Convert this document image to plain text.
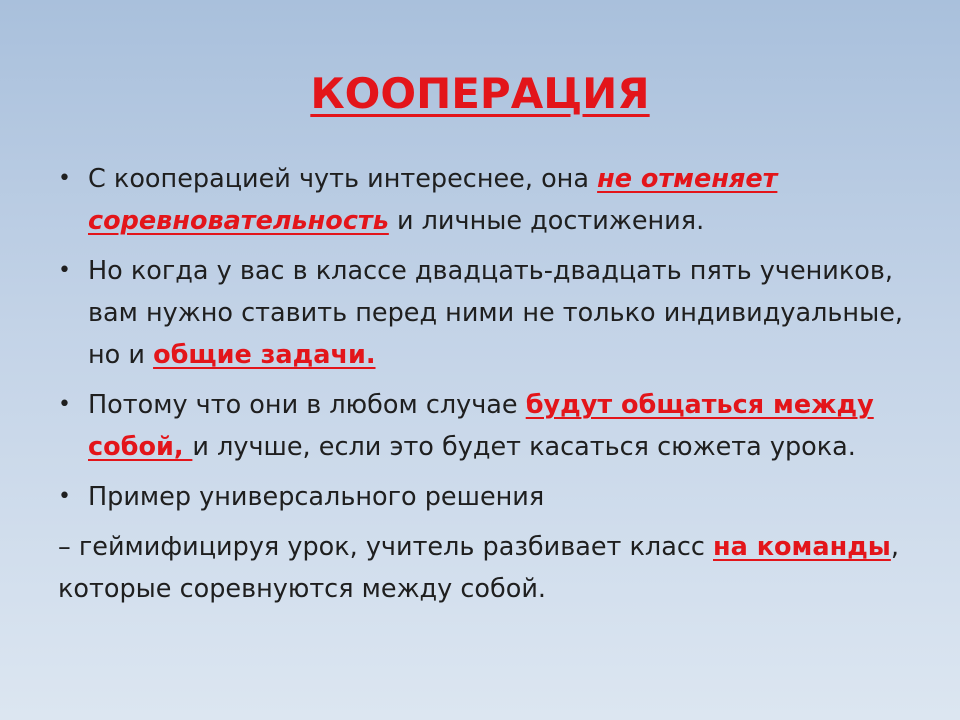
КООПЕРАЦИЯ

• С кооперацией чуть интереснее, она не отменяет соревновательность и личные достижения.

• Но когда у вас в классе двадцать-двадцать пять учеников, вам нужно ставить перед ними не только индивидуальные, но и общие задачи.

• Потому что они в любом случае будут общаться между собой, и лучше, если это будет касаться сюжета урока.

• Пример универсального решения

– геймифицируя урок, учитель разбивает класс на команды, которые соревнуются между собой.
